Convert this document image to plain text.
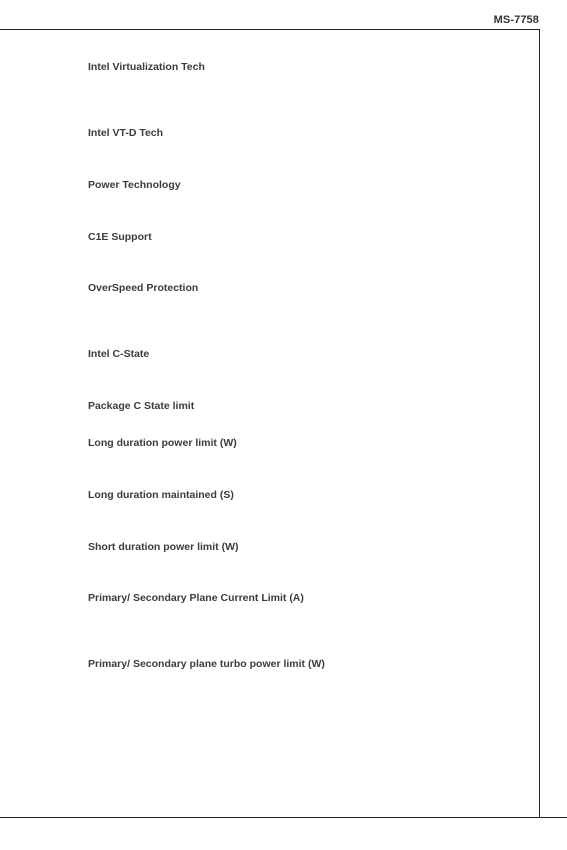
MS-7758
Intel Virtualization Tech
Intel VT-D Tech
Power Technology
C1E Support
OverSpeed Protection
Intel C-State
Package C State limit
Long duration power limit (W)
Long duration maintained (S)
Short duration power limit (W)
Primary/ Secondary Plane Current Limit (A)
Primary/ Secondary plane turbo power limit (W)
